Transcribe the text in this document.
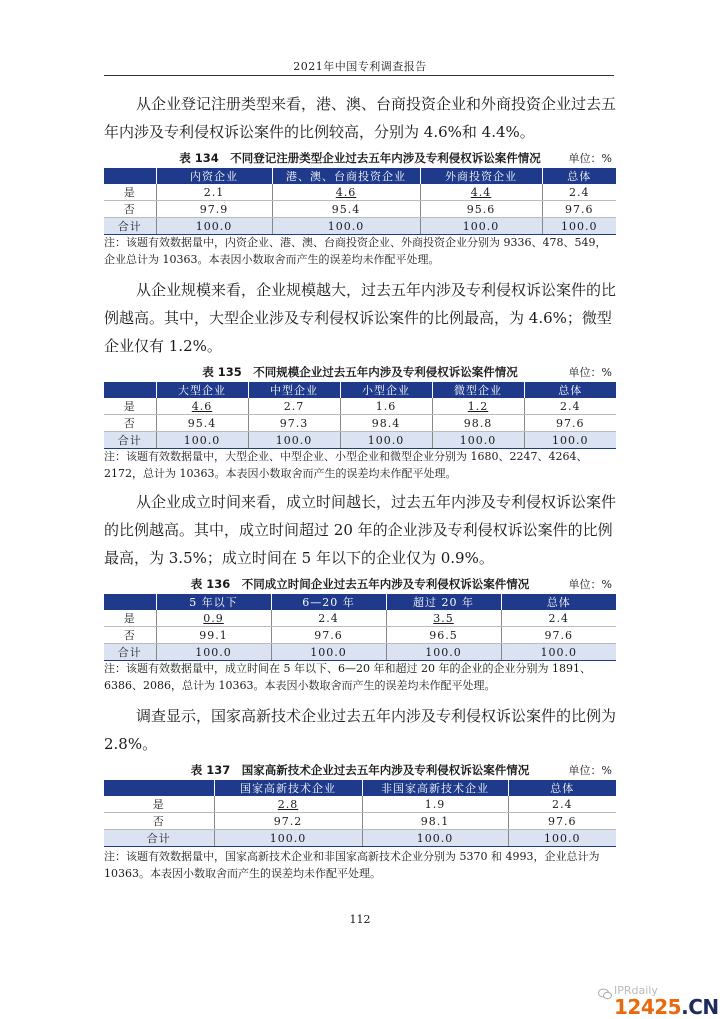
2021年中国专利调查报告

从企业登记注册类型来看，港、澳、台商投资企业和外商投资企业过去五年内涉及专利侵权诉讼案件的比例较高，分别为 4.6%和 4.4%。

表 134　不同登记注册类型企业过去五年内涉及专利侵权诉讼案件情况	单位：%
	内资企业	港、澳、台商投资企业	外商投资企业	总体
是	2.1	4.6	4.4	2.4
否	97.9	95.4	95.6	97.6
合计	100.0	100.0	100.0	100.0

注：该题有效数据量中，内资企业、港、澳、台商投资企业、外商投资企业分别为 9336、478、549，企业总计为 10363。本表因小数取舍而产生的误差均未作配平处理。

从企业规模来看，企业规模越大，过去五年内涉及专利侵权诉讼案件的比例越高。其中，大型企业涉及专利侵权诉讼案件的比例最高，为 4.6%；微型企业仅有 1.2%。

表 135　不同规模企业过去五年内涉及专利侵权诉讼案件情况	单位：%
	大型企业	中型企业	小型企业	微型企业	总体
是	4.6	2.7	1.6	1.2	2.4
否	95.4	97.3	98.4	98.8	97.6
合计	100.0	100.0	100.0	100.0	100.0

注：该题有效数据量中，大型企业、中型企业、小型企业和微型企业分别为 1680、2247、4264、2172，总计为 10363。本表因小数取舍而产生的误差均未作配平处理。

从企业成立时间来看，成立时间越长，过去五年内涉及专利侵权诉讼案件的比例越高。其中，成立时间超过 20 年的企业涉及专利侵权诉讼案件的比例最高，为 3.5%；成立时间在 5 年以下的企业仅为 0.9%。

表 136　不同成立时间企业过去五年内涉及专利侵权诉讼案件情况	单位：%
	5 年以下	6—20 年	超过 20 年	总体
是	0.9	2.4	3.5	2.4
否	99.1	97.6	96.5	97.6
合计	100.0	100.0	100.0	100.0

注：该题有效数据量中，成立时间在 5 年以下、6—20 年和超过 20 年的企业的企业分别为 1891、6386、2086，总计为 10363。本表因小数取舍而产生的误差均未作配平处理。

调查显示，国家高新技术企业过去五年内涉及专利侵权诉讼案件的比例为 2.8%。

表 137　国家高新技术企业过去五年内涉及专利侵权诉讼案件情况	单位：%
	国家高新技术企业	非国家高新技术企业	总体
是	2.8	1.9	2.4
否	97.2	98.1	97.6
合计	100.0	100.0	100.0

注：该题有效数据量中，国家高新技术企业和非国家高新技术企业分别为 5370 和 4993，企业总计为 10363。本表因小数取舍而产生的误差均未作配平处理。

112
IPRdaily
12425.CN
